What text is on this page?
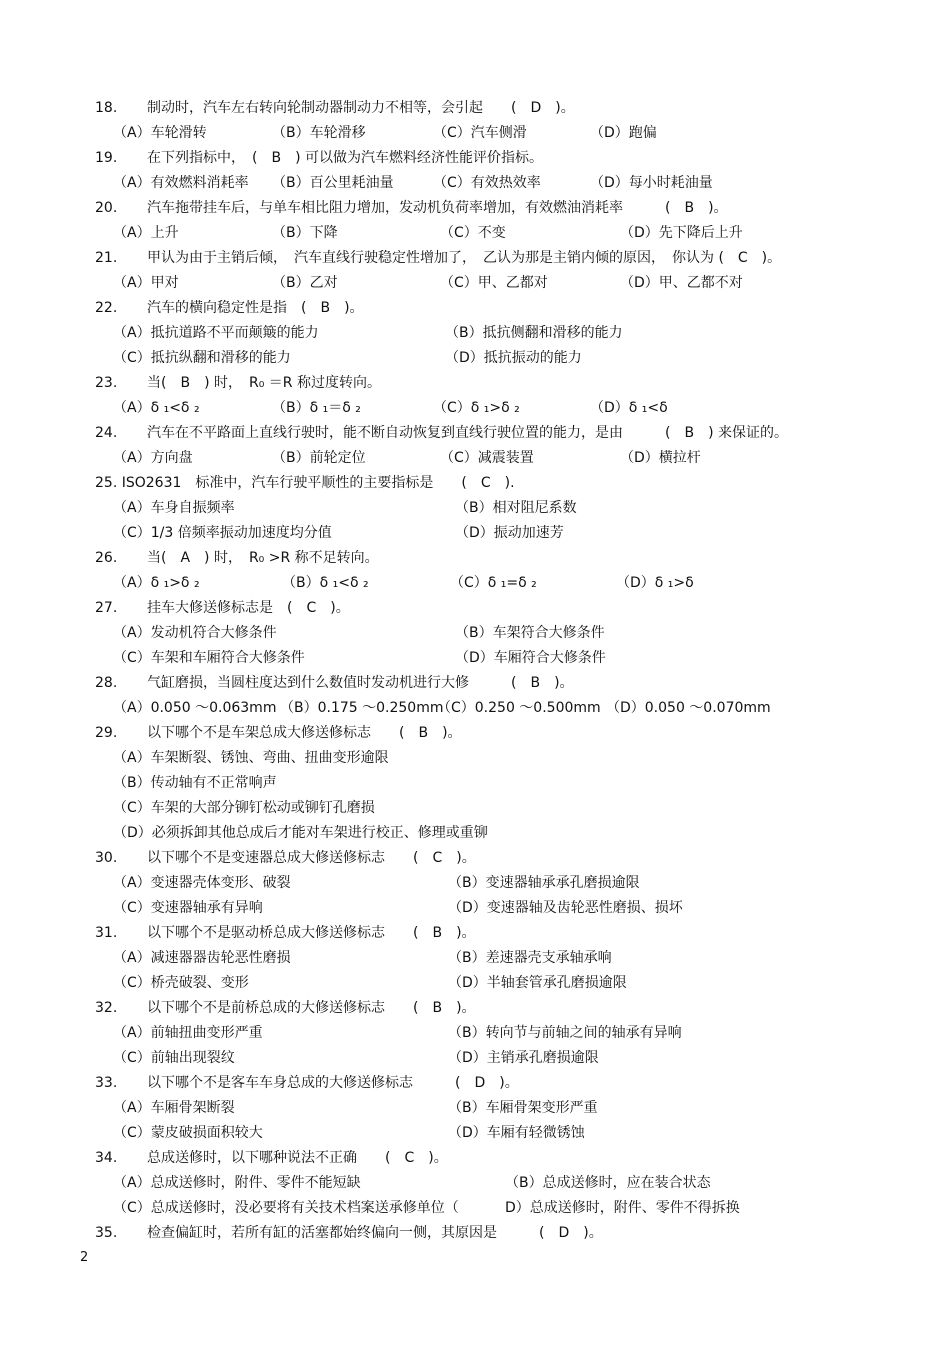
18. 制动时，汽车左右转向轮制动器制动力不相等，会引起　　(　D　)。
（A）车轮滑转	（B）车轮滑移	（C）汽车侧滑	（D）跑偏
19. 在下列指标中，　(　B　) 可以做为汽车燃料经济性能评价指标。
（A）有效燃料消耗率 （B）百公里耗油量	（C）有效热效率	（D）每小时耗油量
20. 汽车拖带挂车后，与单车相比阻力增加，发动机负荷率增加，有效燃油消耗率　　　(　B　)。
（A）上升	（B）下降	（C）不变	（D）先下降后上升
21. 甲认为由于主销后倾，　汽车直线行驶稳定性增加了，　乙认为那是主销内倾的原因，　你认为 (　C　)。
（A）甲对	（B）乙对	（C）甲、乙都对	（D）甲、乙都不对
22. 汽车的横向稳定性是指　(　B　)。
（A）抵抗道路不平而颠簸的能力	（B）抵抗侧翻和滑移的能力
（C）抵抗纵翻和滑移的能力	（D）抵抗振动的能力
23. 当(　B　) 时，　R₀ ＝R 称过度转向。
（A）δ ₁<δ ₂	（B）δ ₁＝δ ₂	（C）δ ₁>δ ₂	（D）δ ₁<δ
24. 汽车在不平路面上直线行驶时，能不断自动恢复到直线行驶位置的能力，是由　　　(　B　) 来保证的。
（A）方向盘	（B）前轮定位	（C）减震装置	（D）横拉杆
25. ISO2631　标准中，汽车行驶平顺性的主要指标是　　(　C　).
（A）车身自振频率	（B）相对阻尼系数
（C）1/3 倍频率振动加速度均分值	（D）振动加速芳
26. 当(　A　) 时，　R₀ >R 称不足转向。
（A）δ ₁>δ ₂	（B）δ ₁<δ ₂	（C）δ ₁=δ ₂	（D）δ ₁>δ
27. 挂车大修送修标志是　(　C　)。
（A）发动机符合大修条件	（B）车架符合大修条件
（C）车架和车厢符合大修条件	（D）车厢符合大修条件
28. 气缸磨损，当圆柱度达到什么数值时发动机进行大修　　　(　B　)。
（A）0.050 ～0.063mm （B）0.175 ～0.250mm
（C）0.250 ～0.500mm （D）0.050 ～0.070mm
29. 以下哪个不是车架总成大修送修标志　　(　B　)。
（A）车架断裂、锈蚀、弯曲、扭曲变形逾限
（B）传动轴有不正常响声
（C）车架的大部分铆钉松动或铆钉孔磨损
（D）必须拆卸其他总成后才能对车架进行校正、修理或重铆
30. 以下哪个不是变速器总成大修送修标志　　(　C　)。
（A）变速器壳体变形、破裂	（B）变速器轴承承孔磨损逾限
（C）变速器轴承有异响	（D）变速器轴及齿轮恶性磨损、损坏
31. 以下哪个不是驱动桥总成大修送修标志　　(　B　)。
（A）减速器器齿轮恶性磨损	（B）差速器壳支承轴承响
（C）桥壳破裂、变形	（D）半轴套管承孔磨损逾限
32. 以下哪个不是前桥总成的大修送修标志　　(　B　)。
（A）前轴扭曲变形严重	（B）转向节与前轴之间的轴承有异响
（C）前轴出现裂纹	（D）主销承孔磨损逾限
33. 以下哪个不是客车车身总成的大修送修标志　　　(　D　)。
（A）车厢骨架断裂	（B）车厢骨架变形严重
（C）蒙皮破损面积较大	（D）车厢有轻微锈蚀
34. 总成送修时，以下哪种说法不正确　　(　C　)。
（A）总成送修时，附件、零件不能短缺	（B）总成送修时，应在装合状态
（C）总成送修时，没必要将有关技术档案送承修单位（	D）总成送修时，附件、零件不得拆换
35. 检查偏缸时，若所有缸的活塞都始终偏向一侧，其原因是　　　(　D　)。
2
